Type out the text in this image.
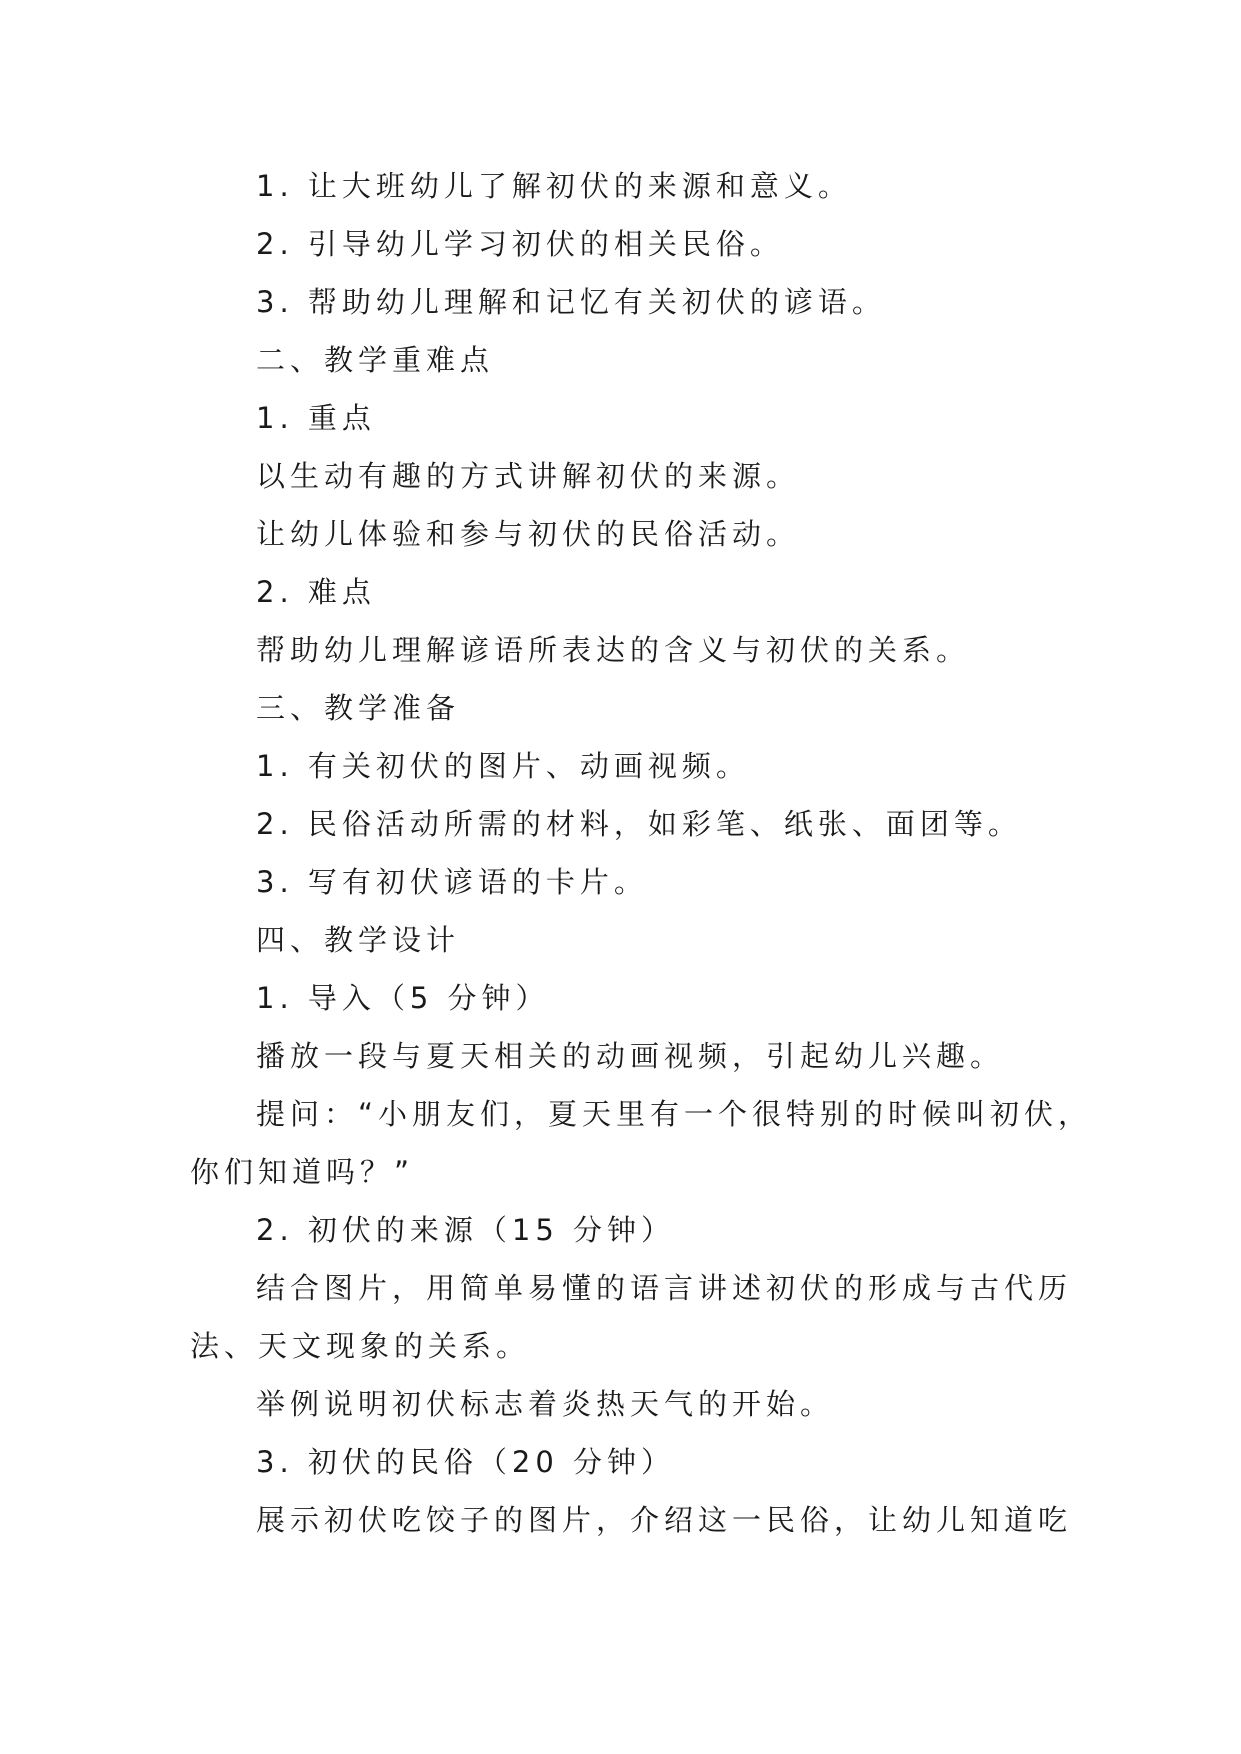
1. 让大班幼儿了解初伏的来源和意义。
2. 引导幼儿学习初伏的相关民俗。
3. 帮助幼儿理解和记忆有关初伏的谚语。
二、教学重难点
1. 重点
以生动有趣的方式讲解初伏的来源。
让幼儿体验和参与初伏的民俗活动。
2. 难点
帮助幼儿理解谚语所表达的含义与初伏的关系。
三、教学准备
1. 有关初伏的图片、动画视频。
2. 民俗活动所需的材料，如彩笔、纸张、面团等。
3. 写有初伏谚语的卡片。
四、教学设计
1. 导入（5 分钟）
播放一段与夏天相关的动画视频，引起幼儿兴趣。
提问：“小朋友们，夏天里有一个很特别的时候叫初伏，
你们知道吗？”
2. 初伏的来源（15 分钟）
结合图片，用简单易懂的语言讲述初伏的形成与古代历
法、天文现象的关系。
举例说明初伏标志着炎热天气的开始。
3. 初伏的民俗（20 分钟）
展示初伏吃饺子的图片，介绍这一民俗，让幼儿知道吃
